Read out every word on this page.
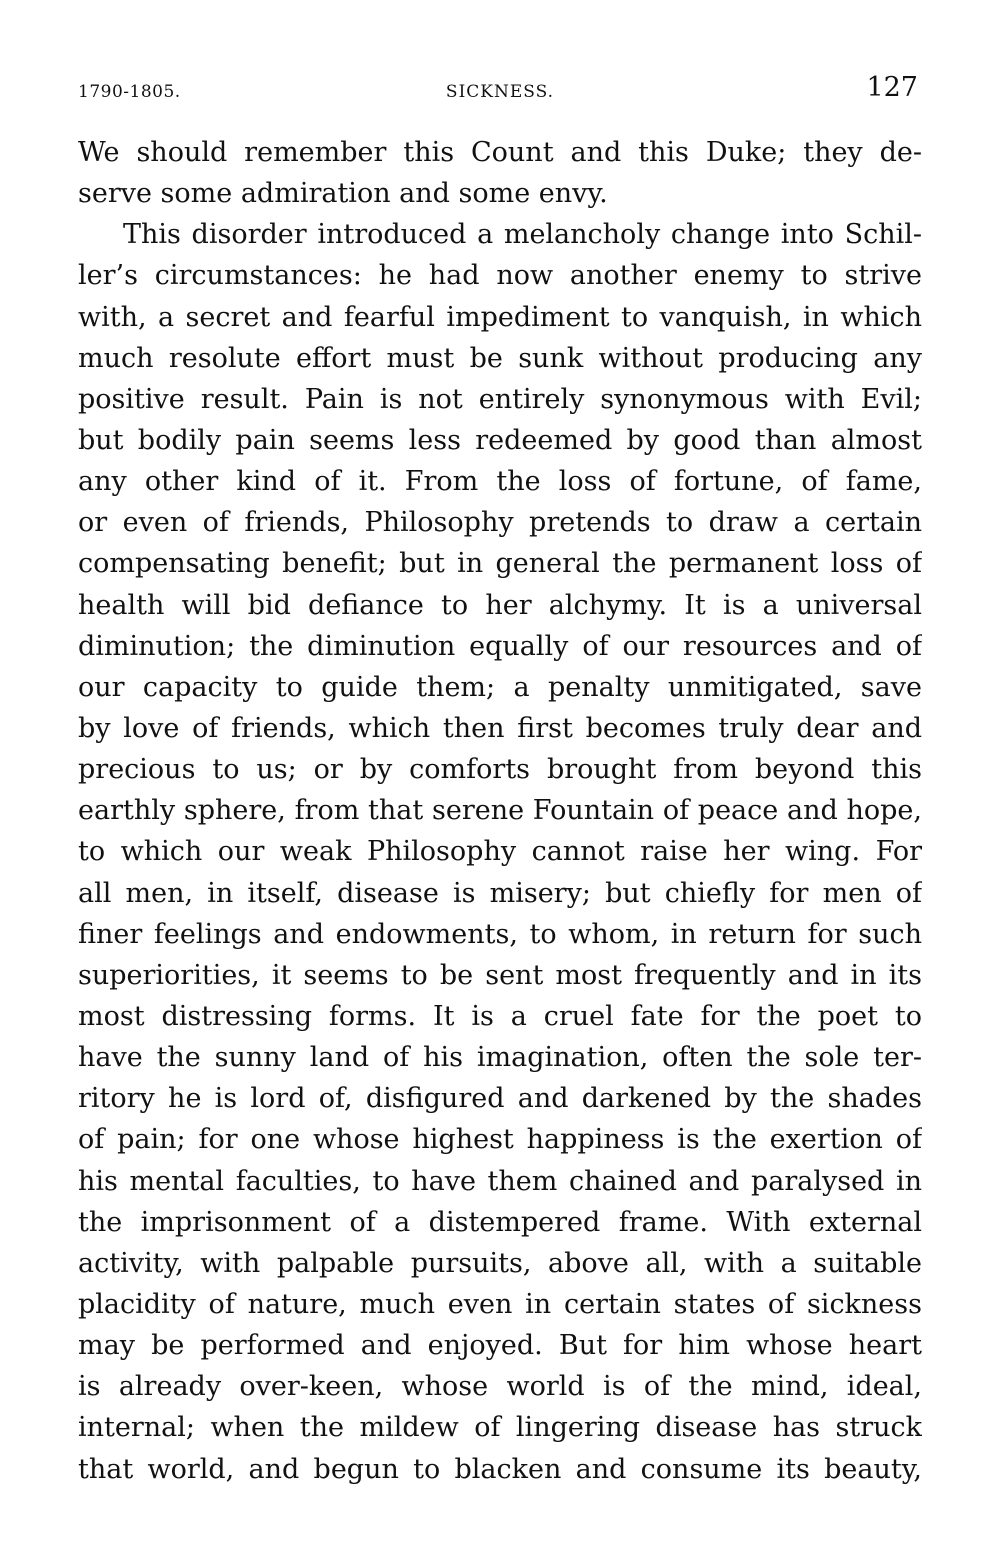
1790-1805.	SICKNESS.	127
We should remember this Count and this Duke; they de-
serve some admiration and some envy.
This disorder introduced a melancholy change into Schil-
ler’s circumstances: he had now another enemy to strive
with, a secret and fearful impediment to vanquish, in which
much resolute effort must be sunk without producing any
positive result. Pain is not entirely synonymous with Evil;
but bodily pain seems less redeemed by good than almost
any other kind of it. From the loss of fortune, of fame,
or even of friends, Philosophy pretends to draw a certain
compensating benefit; but in general the permanent loss of
health will bid defiance to her alchymy. It is a universal
diminution; the diminution equally of our resources and of
our capacity to guide them; a penalty unmitigated, save
by love of friends, which then first becomes truly dear and
precious to us; or by comforts brought from beyond this
earthly sphere, from that serene Fountain of peace and hope,
to which our weak Philosophy cannot raise her wing. For
all men, in itself, disease is misery; but chiefly for men of
finer feelings and endowments, to whom, in return for such
superiorities, it seems to be sent most frequently and in its
most distressing forms. It is a cruel fate for the poet to
have the sunny land of his imagination, often the sole ter-
ritory he is lord of, disfigured and darkened by the shades
of pain; for one whose highest happiness is the exertion of
his mental faculties, to have them chained and paralysed in
the imprisonment of a distempered frame. With external
activity, with palpable pursuits, above all, with a suitable
placidity of nature, much even in certain states of sickness
may be performed and enjoyed. But for him whose heart
is already over-keen, whose world is of the mind, ideal,
internal; when the mildew of lingering disease has struck
that world, and begun to blacken and consume its beauty,
